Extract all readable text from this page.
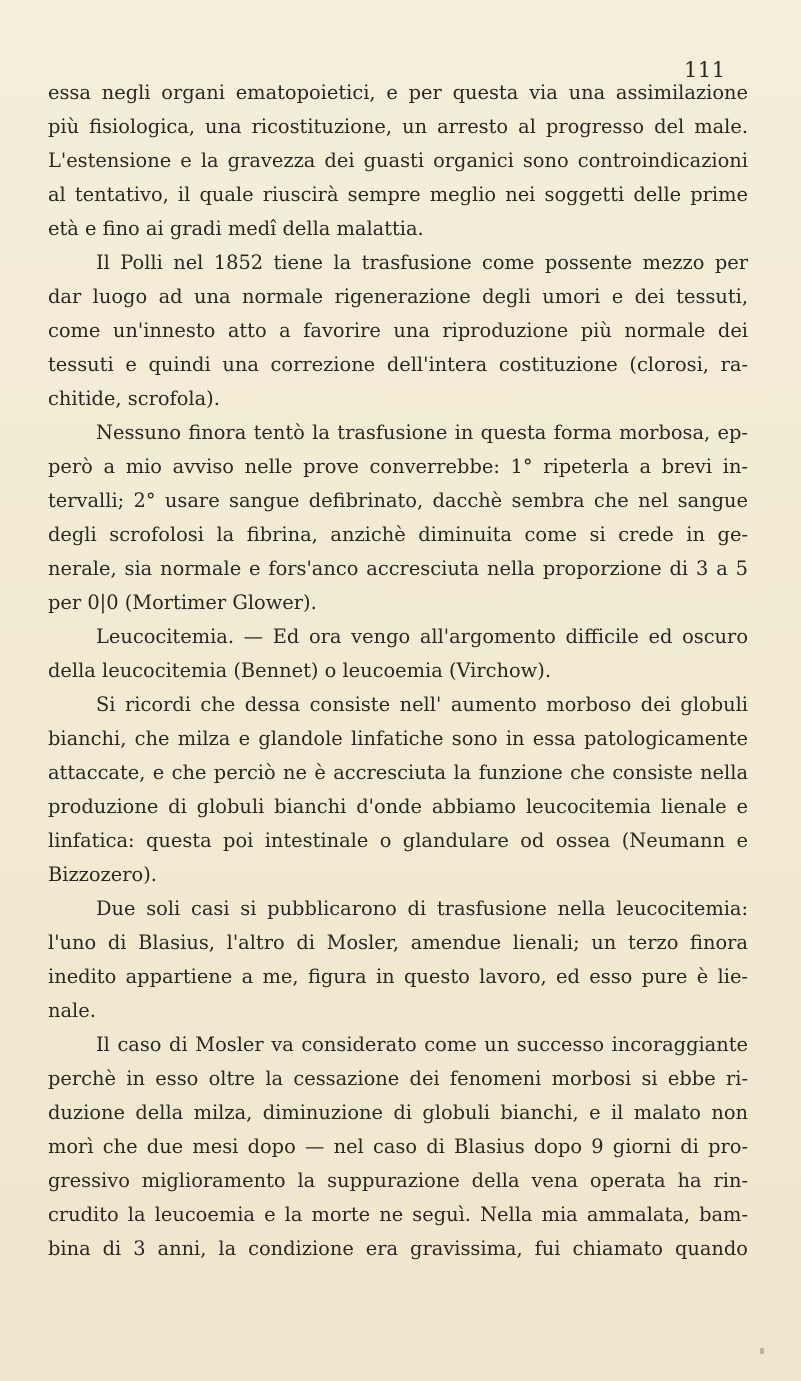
111
essa negli organi ematopoietici, e per questa via una assimilazione
più fisiologica, una ricostituzione, un arresto al progresso del male.
L'estensione e la gravezza dei guasti organici sono controindicazioni
al tentativo, il quale riuscirà sempre meglio nei soggetti delle prime
età e fino ai gradi medî della malattia.
Il Polli nel 1852 tiene la trasfusione come possente mezzo per
dar luogo ad una normale rigenerazione degli umori e dei tessuti,
come un'innesto atto a favorire una riproduzione più normale dei
tessuti e quindi una correzione dell'intera costituzione (clorosi, ra-
chitide, scrofola).
Nessuno finora tentò la trasfusione in questa forma morbosa, ep-
però a mio avviso nelle prove converrebbe: 1° ripeterla a brevi in-
tervalli; 2° usare sangue defibrinato, dacchè sembra che nel sangue
degli scrofolosi la fibrina, anzichè diminuita come si crede in ge-
nerale, sia normale e fors'anco accresciuta nella proporzione di 3 a 5
per 0|0 (Mortimer Glower).
Leucocitemia. — Ed ora vengo all'argomento difficile ed oscuro
della leucocitemia (Bennet) o leucoemia (Virchow).
Si ricordi che dessa consiste nell' aumento morboso dei globuli
bianchi, che milza e glandole linfatiche sono in essa patologicamente
attaccate, e che perciò ne è accresciuta la funzione che consiste nella
produzione di globuli bianchi d'onde abbiamo leucocitemia lienale e
linfatica: questa poi intestinale o glandulare od ossea (Neumann e
Bizzozero).
Due soli casi si pubblicarono di trasfusione nella leucocitemia:
l'uno di Blasius, l'altro di Mosler, amendue lienali; un terzo finora
inedito appartiene a me, figura in questo lavoro, ed esso pure è lie-
nale.
Il caso di Mosler va considerato come un successo incoraggiante
perchè in esso oltre la cessazione dei fenomeni morbosi si ebbe ri-
duzione della milza, diminuzione di globuli bianchi, e il malato non
morì che due mesi dopo — nel caso di Blasius dopo 9 giorni di pro-
gressivo miglioramento la suppurazione della vena operata ha rin-
crudito la leucoemia e la morte ne seguì. Nella mia ammalata, bam-
bina di 3 anni, la condizione era gravissima, fui chiamato quando
